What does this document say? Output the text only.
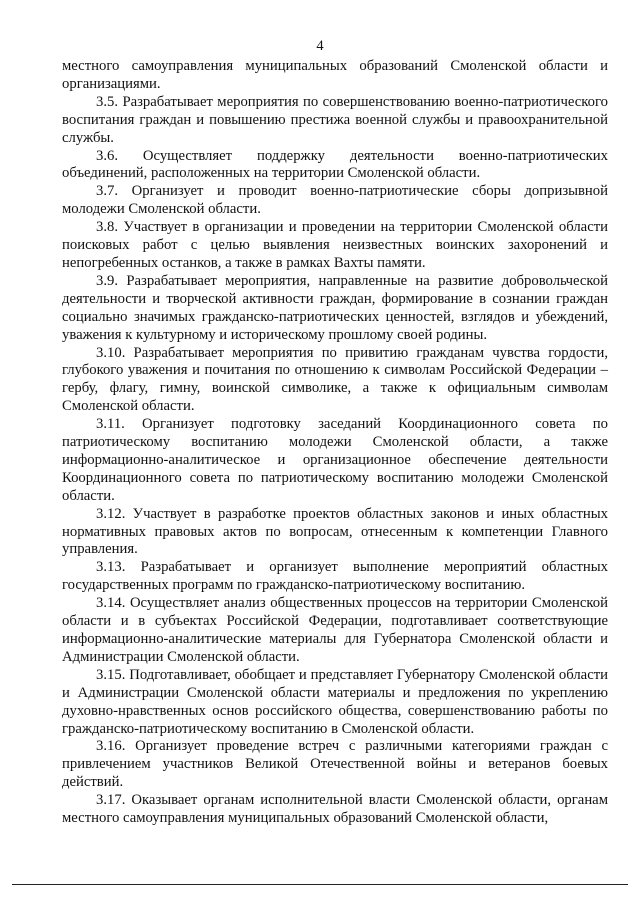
4

местного самоуправления муниципальных образований Смоленской области и организациями.

3.5. Разрабатывает мероприятия по совершенствованию военно-патриотического воспитания граждан и повышению престижа военной службы и правоохранительной службы.

3.6. Осуществляет поддержку деятельности военно-патриотических объединений, расположенных на территории Смоленской области.

3.7. Организует и проводит военно-патриотические сборы допризывной молодежи Смоленской области.

3.8. Участвует в организации и проведении на территории Смоленской области поисковых работ с целью выявления неизвестных воинских захоронений и непогребенных останков, а также в рамках Вахты памяти.

3.9. Разрабатывает мероприятия, направленные на развитие добровольческой деятельности и творческой активности граждан, формирование в сознании граждан социально значимых гражданско-патриотических ценностей, взглядов и убеждений, уважения к культурному и историческому прошлому своей родины.

3.10. Разрабатывает мероприятия по привитию гражданам чувства гордости, глубокого уважения и почитания по отношению к символам Российской Федерации – гербу, флагу, гимну, воинской символике, а также к официальным символам Смоленской области.

3.11. Организует подготовку заседаний Координационного совета по патриотическому воспитанию молодежи Смоленской области, а также информационно-аналитическое и организационное обеспечение деятельности Координационного совета по патриотическому воспитанию молодежи Смоленской области.

3.12. Участвует в разработке проектов областных законов и иных областных нормативных правовых актов по вопросам, отнесенным к компетенции Главного управления.

3.13. Разрабатывает и организует выполнение мероприятий областных государственных программ по гражданско-патриотическому воспитанию.

3.14. Осуществляет анализ общественных процессов на территории Смоленской области и в субъектах Российской Федерации, подготавливает соответствующие информационно-аналитические материалы для Губернатора Смоленской области и Администрации Смоленской области.

3.15. Подготавливает, обобщает и представляет Губернатору Смоленской области и Администрации Смоленской области материалы и предложения по укреплению духовно-нравственных основ российского общества, совершенствованию работы по гражданско-патриотическому воспитанию в Смоленской области.

3.16. Организует проведение встреч с различными категориями граждан с привлечением участников Великой Отечественной войны и ветеранов боевых действий.

3.17. Оказывает органам исполнительной власти Смоленской области, органам местного самоуправления муниципальных образований Смоленской области,
